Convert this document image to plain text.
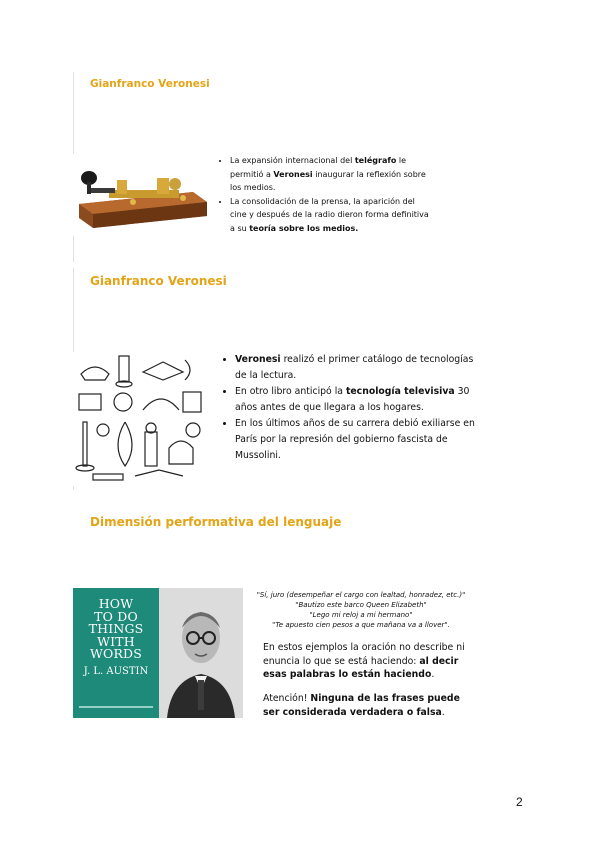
Gianfranco Veronesi
• La expansión internacional del telégrafo le permitió a Veronesi inaugurar la reflexión sobre los medios.
• La consolidación de la prensa, la aparición del cine y después de la radio dieron forma definitiva a su teoría sobre los medios.
Gianfranco Veronesi
• Veronesi realizó el primer catálogo de tecnologías de la lectura.
• En otro libro anticipó la tecnología televisiva 30 años antes de que llegara a los hogares.
• En los últimos años de su carrera debió exiliarse en París por la represión del gobierno fascista de Mussolini.
Dimensión performativa del lenguaje
HOW
TO DO
THINGS
WITH
WORDS
J. L. AUSTIN
"Sí, juro (desempeñar el cargo con lealtad, honradez, etc.)"
"Bautizo este barco Queen Elizabeth"
"Lego mi reloj a mi hermano"
"Te apuesto cien pesos a que mañana va a llover".

En estos ejemplos la oración no describe ni enuncia lo que se está haciendo: al decir esas palabras lo están haciendo.

Atención! Ninguna de las frases puede ser considerada verdadera o falsa.

2
